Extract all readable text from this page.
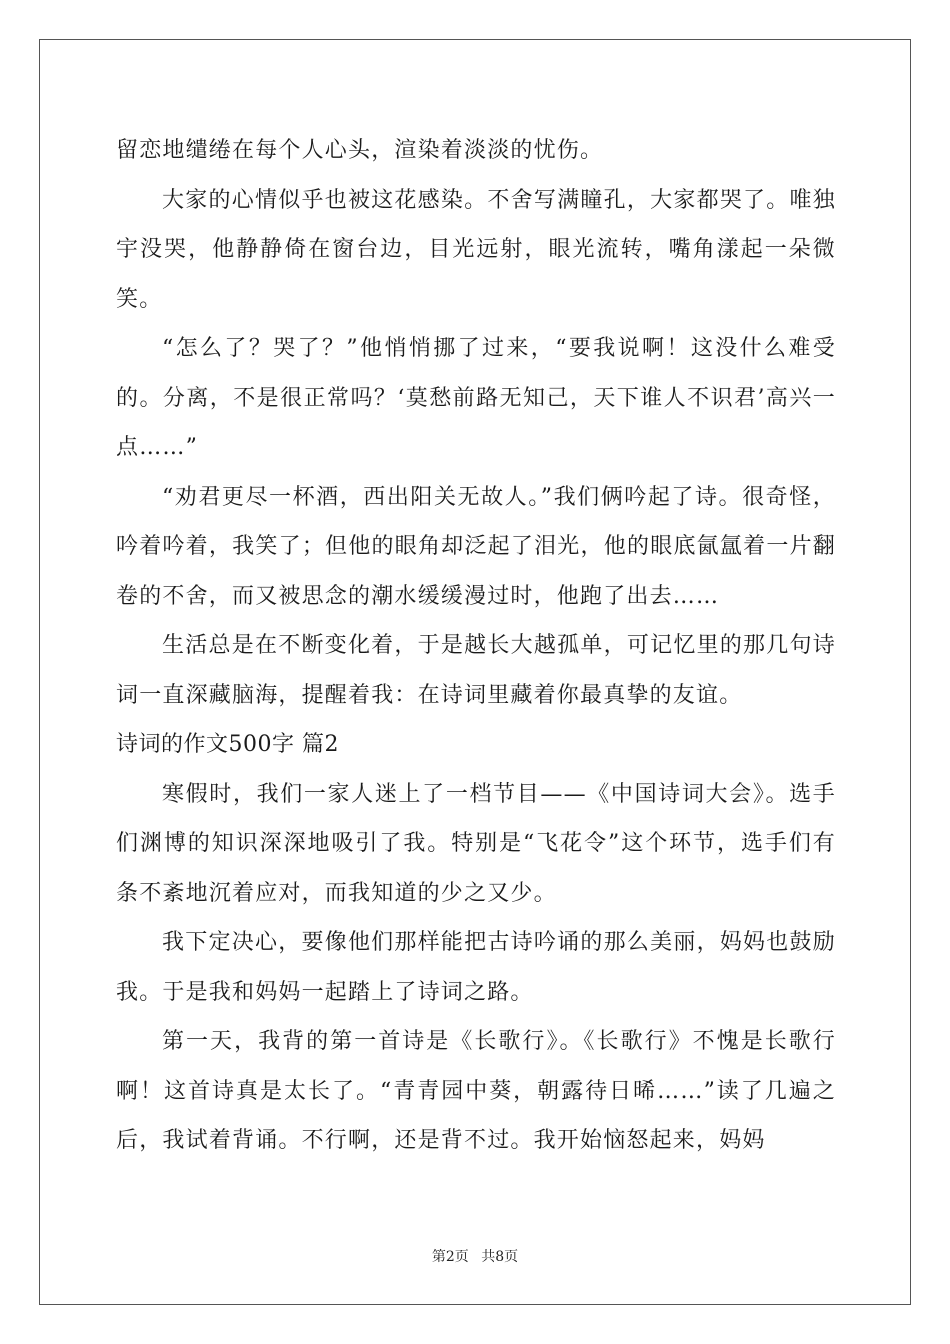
留恋地缱绻在每个人心头，渲染着淡淡的忧伤。

大家的心情似乎也被这花感染。不舍写满瞳孔，大家都哭了。唯独宇没哭，他静静倚在窗台边，目光远射，眼光流转，嘴角漾起一朵微笑。

“怎么了？哭了？”他悄悄挪了过来，“要我说啊！这没什么难受的。分离，不是很正常吗？‘莫愁前路无知己，天下谁人不识君’高兴一点……”

“劝君更尽一杯酒，西出阳关无故人。”我们俩吟起了诗。很奇怪，吟着吟着，我笑了；但他的眼角却泛起了泪光，他的眼底氤氲着一片翻卷的不舍，而又被思念的潮水缓缓漫过时，他跑了出去……

生活总是在不断变化着，于是越长大越孤单，可记忆里的那几句诗词一直深藏脑海，提醒着我：在诗词里藏着你最真挚的友谊。

诗词的作文500字 篇2

寒假时，我们一家人迷上了一档节目——《中国诗词大会》。选手们渊博的知识深深地吸引了我。特别是“飞花令”这个环节，选手们有条不紊地沉着应对，而我知道的少之又少。

我下定决心，要像他们那样能把古诗吟诵的那么美丽，妈妈也鼓励我。于是我和妈妈一起踏上了诗词之路。

第一天，我背的第一首诗是《长歌行》。《长歌行》不愧是长歌行啊！这首诗真是太长了。“青青园中葵，朝露待日晞……”读了几遍之后，我试着背诵。不行啊，还是背不过。我开始恼怒起来，妈妈

第2页 共8页
